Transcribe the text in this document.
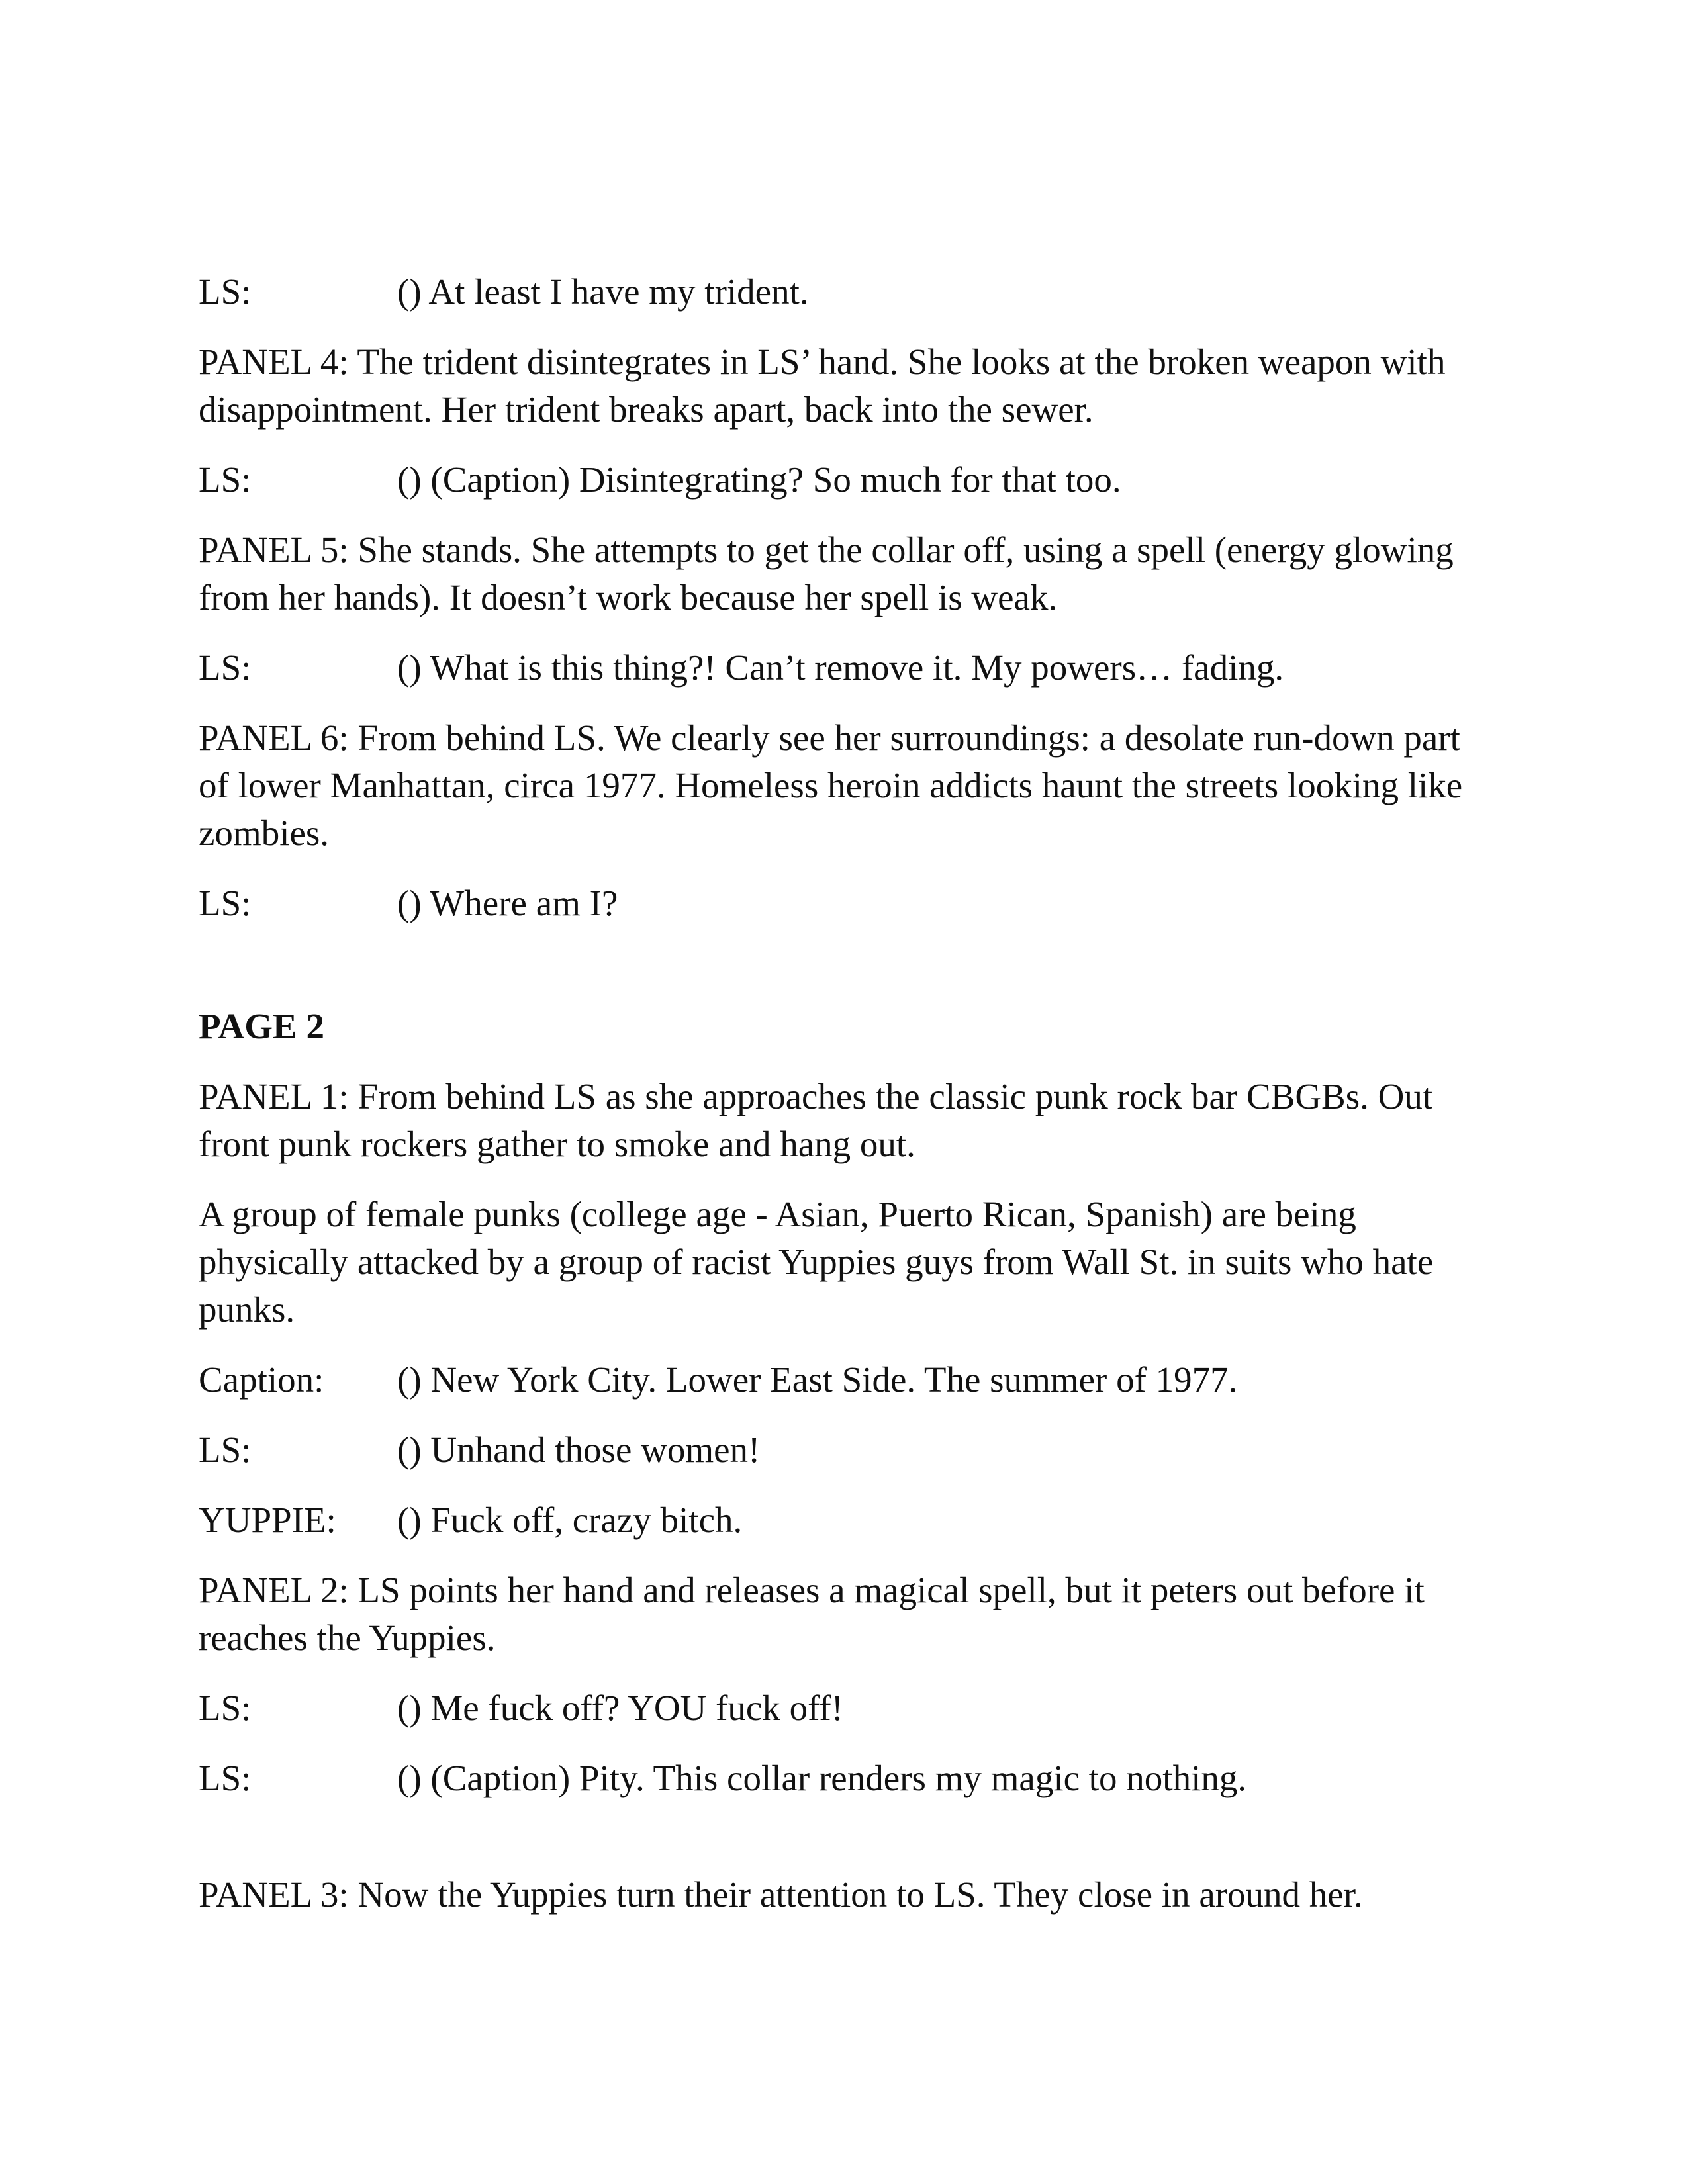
LS:	() At least I have my trident.

PANEL 4: The trident disintegrates in LS’ hand. She looks at the broken weapon with disappointment. Her trident breaks apart, back into the sewer.

LS:	() (Caption) Disintegrating? So much for that too.

PANEL 5: She stands. She attempts to get the collar off, using a spell (energy glowing from her hands). It doesn’t work because her spell is weak.

LS:	() What is this thing?! Can’t remove it. My powers… fading.

PANEL 6: From behind LS. We clearly see her surroundings: a desolate run-down part of lower Manhattan, circa 1977. Homeless heroin addicts haunt the streets looking like zombies.

LS:	() Where am I?

PAGE 2

PANEL 1: From behind LS as she approaches the classic punk rock bar CBGBs. Out front punk rockers gather to smoke and hang out.

A group of female punks (college age - Asian, Puerto Rican, Spanish) are being physically attacked by a group of racist Yuppies guys from Wall St. in suits who hate punks.

Caption:	() New York City. Lower East Side. The summer of 1977.
LS:	() Unhand those women!
YUPPIE:	() Fuck off, crazy bitch.

PANEL 2: LS points her hand and releases a magical spell, but it peters out before it reaches the Yuppies.

LS:	() Me fuck off? YOU fuck off!
LS:	() (Caption) Pity. This collar renders my magic to nothing.

PANEL 3: Now the Yuppies turn their attention to LS. They close in around her.
